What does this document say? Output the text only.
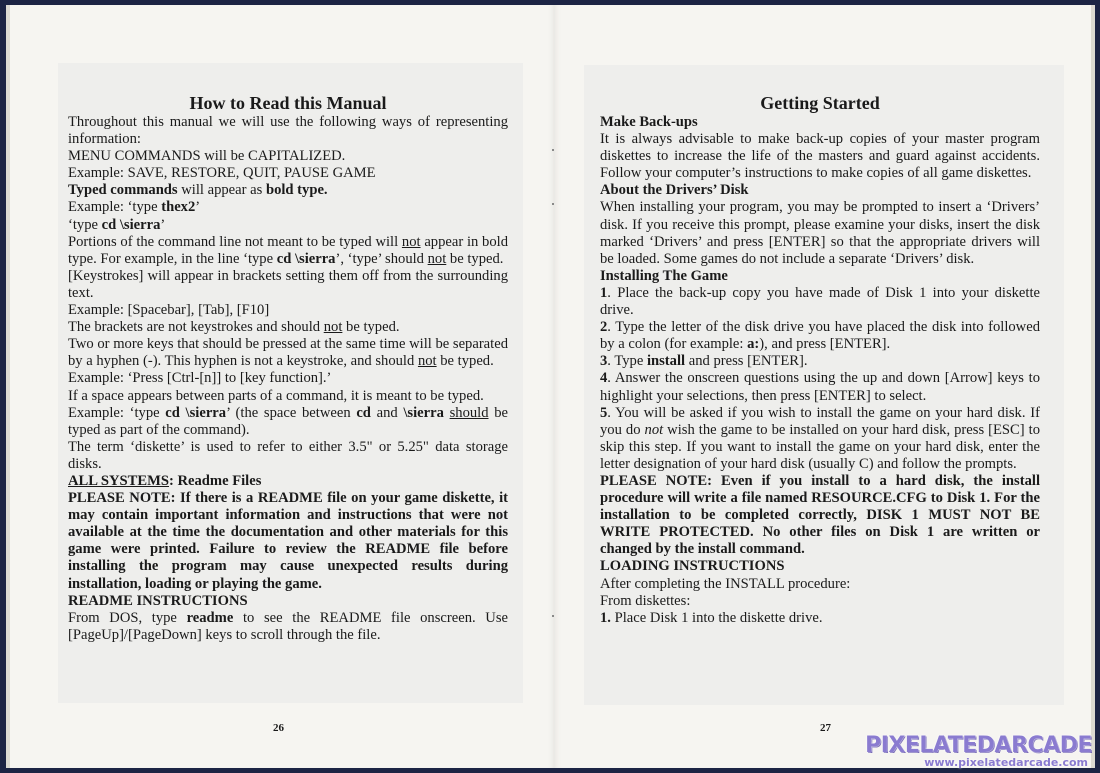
How to Read this Manual

Throughout this manual we will use the following ways of representing information:

MENU COMMANDS will be CAPITALIZED.

Example: SAVE, RESTORE, QUIT, PAUSE GAME

Typed commands will appear as bold type.

Example: ‘type thex2’

‘type cd \sierra’

Portions of the command line not meant to be typed will not appear in bold type. For example, in the line ‘type cd \sierra’, ‘type’ should not be typed.

[Keystrokes] will appear in brackets setting them off from the surrounding text.

Example: [Spacebar], [Tab], [F10]

The brackets are not keystrokes and should not be typed.

Two or more keys that should be pressed at the same time will be separated by a hyphen (-). This hyphen is not a keystroke, and should not be typed.

Example: ‘Press [Ctrl-[n]] to [key function].’

If a space appears between parts of a command, it is meant to be typed.

Example: ‘type cd \sierra’ (the space between cd and \sierra should be typed as part of the command).

The term ‘diskette’ is used to refer to either 3.5" or 5.25" data storage disks.

ALL SYSTEMS: Readme Files

PLEASE NOTE: If there is a README file on your game diskette, it may contain important information and instructions that were not available at the time the documentation and other materials for this game were printed. Failure to review the README file before installing the program may cause unexpected results during installation, loading or playing the game.

README INSTRUCTIONS

From DOS, type readme to see the README file onscreen. Use [PageUp]/[PageDown] keys to scroll through the file.

26
Getting Started

Make Back-ups

It is always advisable to make back-up copies of your master program diskettes to increase the life of the masters and guard against accidents. Follow your computer’s instructions to make copies of all game diskettes.

About the Drivers’ Disk

When installing your program, you may be prompted to insert a ‘Drivers’ disk. If you receive this prompt, please examine your disks, insert the disk marked ‘Drivers’ and press [ENTER] so that the appropriate drivers will be loaded. Some games do not include a separate ‘Drivers’ disk.

Installing The Game

1. Place the back-up copy you have made of Disk 1 into your diskette drive.

2. Type the letter of the disk drive you have placed the disk into followed by a colon (for example: a:), and press [ENTER].

3. Type install and press [ENTER].

4. Answer the onscreen questions using the up and down [Arrow] keys to highlight your selections, then press [ENTER] to select.

5. You will be asked if you wish to install the game on your hard disk. If you do not wish the game to be installed on your hard disk, press [ESC] to skip this step. If you want to install the game on your hard disk, enter the letter designation of your hard disk (usually C) and follow the prompts.

PLEASE NOTE: Even if you install to a hard disk, the install procedure will write a file named RESOURCE.CFG to Disk 1. For the installation to be completed correctly, DISK 1 MUST NOT BE WRITE PROTECTED. No other files on Disk 1 are written or changed by the install command.

LOADING INSTRUCTIONS

After completing the INSTALL procedure:

From diskettes:

1. Place Disk 1 into the diskette drive.

27
PIXELATEDARCADE
www.pixelatedarcade.com
